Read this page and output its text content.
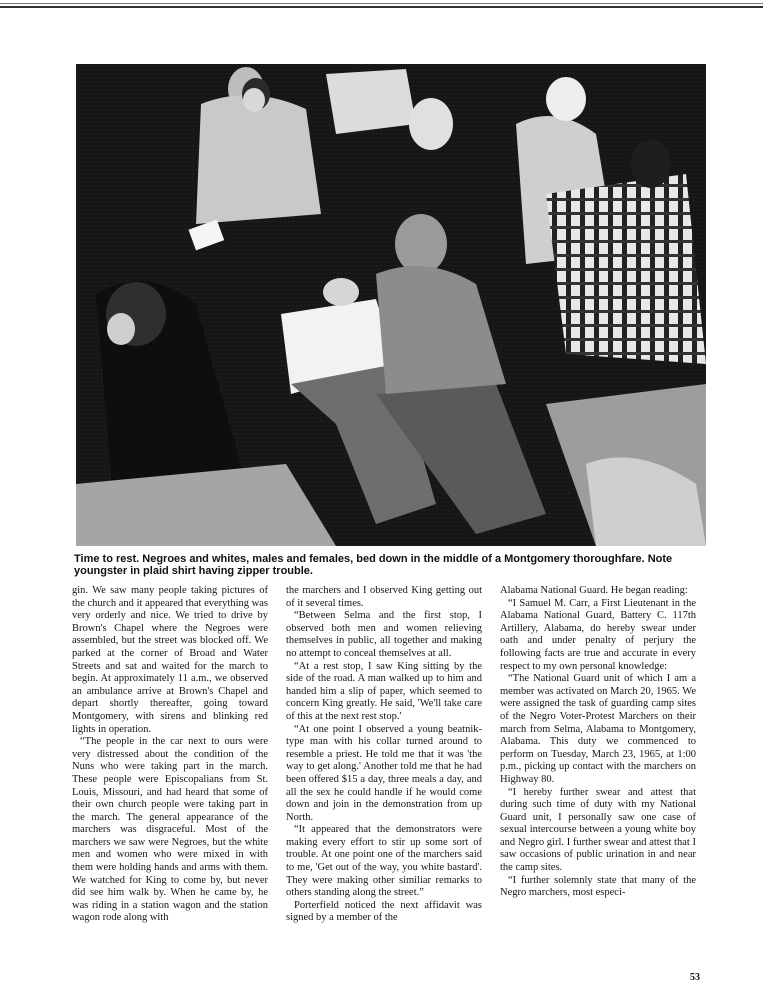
Time to rest. Negroes and whites, males and females, bed down in the middle of a Montgomery thoroughfare. Note youngster in plaid shirt having zipper trouble.

gin. We saw many people taking pictures of the church and it appeared that everything was very orderly and nice. We tried to drive by Brown's Chapel where the Negroes were assembled, but the street was blocked off. We parked at the corner of Broad and Water Streets and sat and waited for the march to begin. At approximately 11 a.m., we observed an ambulance arrive at Brown's Chapel and depart shortly thereafter, going toward Montgomery, with sirens and blinking red lights in operation.

“The people in the car next to ours were very distressed about the condition of the Nuns who were taking part in the march. These people were Episcopalians from St. Louis, Missouri, and had heard that some of their own church people were taking part in the march. The general appearance of the marchers was disgraceful. Most of the marchers we saw were Negroes, but the white men and women who were mixed in with them were holding hands and arms with them. We watched for King to come by, but never did see him walk by. When he came by, he was riding in a station wagon and the station wagon rode along with

the marchers and I observed King getting out of it several times.

“Between Selma and the first stop, I observed both men and women relieving themselves in public, all together and making no attempt to conceal themselves at all.

“At a rest stop, I saw King sitting by the side of the road. A man walked up to him and handed him a slip of paper, which seemed to concern King greatly. He said, 'We'll take care of this at the next rest stop.'

“At one point I observed a young beatnik-type man with his collar turned around to resemble a priest. He told me that it was 'the way to get along.' Another told me that he had been offered $15 a day, three meals a day, and all the sex he could handle if he would come down and join in the demonstration from up North.

“It appeared that the demonstrators were making every effort to stir up some sort of trouble. At one point one of the marchers said to me, 'Get out of the way, you white bastard'. They were making other similiar remarks to others standing along the street.”

Porterfield noticed the next affidavit was signed by a member of the

Alabama National Guard. He began reading:

“I Samuel M. Carr, a First Lieutenant in the Alabama National Guard, Battery C. 117th Artillery, Alabama, do hereby swear under oath and under penalty of perjury the following facts are true and accurate in every respect to my own personal knowledge:

“The National Guard unit of which I am a member was activated on March 20, 1965. We were assigned the task of guarding camp sites of the Negro Voter-Protest Marchers on their march from Selma, Alabama to Montgomery, Alabama. This duty we commenced to perform on Tuesday, March 23, 1965, at 1:00 p.m., picking up contact with the marchers on Highway 80.

“I hereby further swear and attest that during such time of duty with my National Guard unit, I personally saw one case of sexual intercourse between a young white boy and Negro girl. I further swear and attest that I saw occasions of public urination in and near the camp sites.

“I further solemnly state that many of the Negro marchers, most especi-

53
